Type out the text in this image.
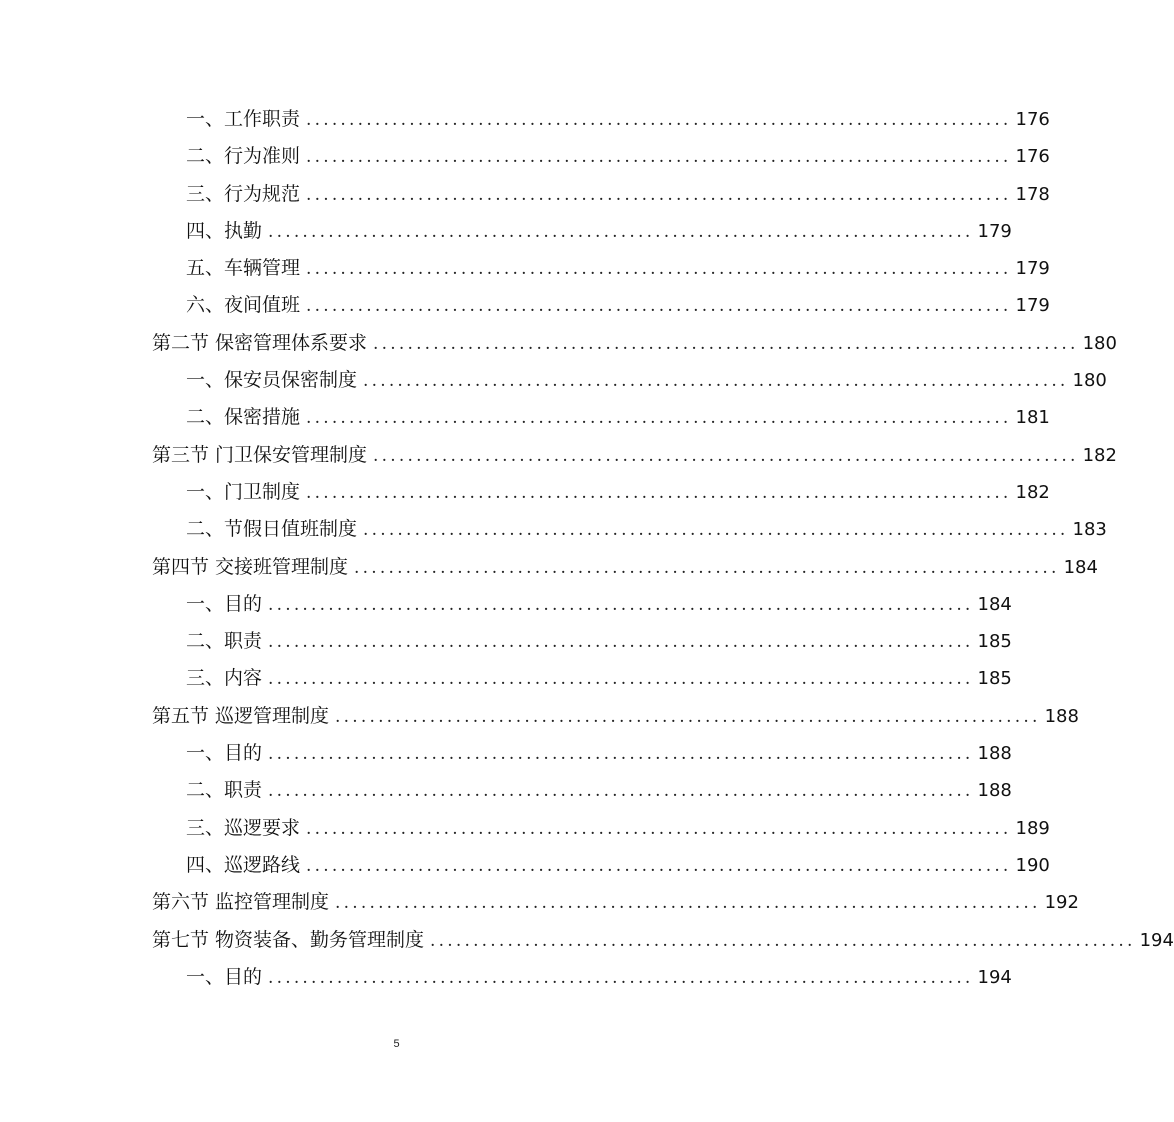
一、工作职责 .................................................................................. 176
二、行为准则 .................................................................................. 176
三、行为规范 .................................................................................. 178
四、执勤 .................................................................................. 179
五、车辆管理 .................................................................................. 179
六、夜间值班 .................................................................................. 179
第二节 保密管理体系要求 .................................................................................. 180
一、保安员保密制度 .................................................................................. 180
二、保密措施 .................................................................................. 181
第三节 门卫保安管理制度 .................................................................................. 182
一、门卫制度 .................................................................................. 182
二、节假日值班制度 .................................................................................. 183
第四节 交接班管理制度 .................................................................................. 184
一、目的 .................................................................................. 184
二、职责 .................................................................................. 185
三、内容 .................................................................................. 185
第五节 巡逻管理制度 .................................................................................. 188
一、目的 .................................................................................. 188
二、职责 .................................................................................. 188
三、巡逻要求 .................................................................................. 189
四、巡逻路线 .................................................................................. 190
第六节 监控管理制度 .................................................................................. 192
第七节 物资装备、勤务管理制度 .................................................................................. 194
一、目的 .................................................................................. 194
5
